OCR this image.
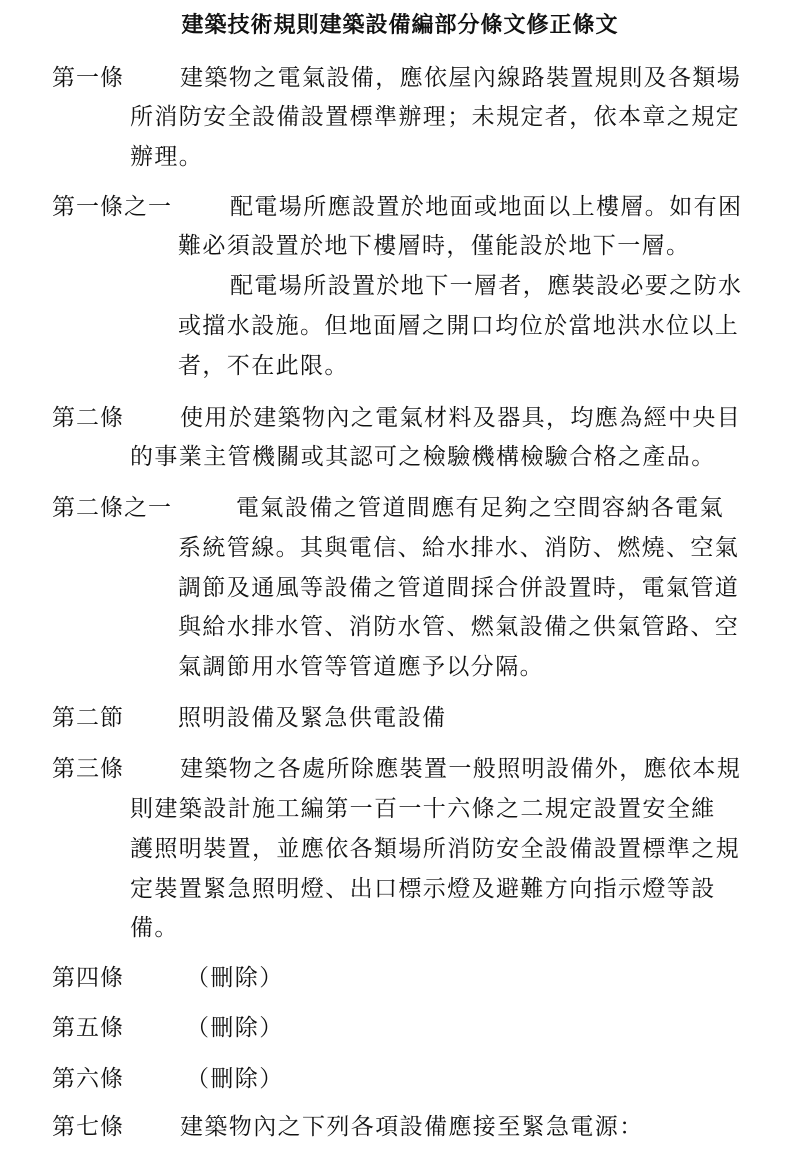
建築技術規則建築設備編部分條文修正條文
第一條 建築物之電氣設備，應依屋內線路裝置規則及各類場
所消防安全設備設置標準辦理；未規定者，依本章之規定
辦理。
第一條之一	配電場所應設置於地面或地面以上樓層。如有困
難必須設置於地下樓層時，僅能設於地下一層。
配電場所設置於地下一層者，應裝設必要之防水
或擋水設施。但地面層之開口均位於當地洪水位以上
者，不在此限。
第二條 使用於建築物內之電氣材料及器具，均應為經中央目
的事業主管機關或其認可之檢驗機構檢驗合格之產品。
第二條之一	電氣設備之管道間應有足夠之空間容納各電氣
系統管線。其與電信、給水排水、消防、燃燒、空氣
調節及通風等設備之管道間採合併設置時，電氣管道
與給水排水管、消防水管、燃氣設備之供氣管路、空
氣調節用水管等管道應予以分隔。
第二節 照明設備及緊急供電設備
第三條 建築物之各處所除應裝置一般照明設備外，應依本規
則建築設計施工編第一百一十六條之二規定設置安全維
護照明裝置，並應依各類場所消防安全設備設置標準之規
定裝置緊急照明燈、出口標示燈及避難方向指示燈等設
備。
第四條	（刪除）
第五條	（刪除）
第六條	（刪除）
第七條 建築物內之下列各項設備應接至緊急電源：
